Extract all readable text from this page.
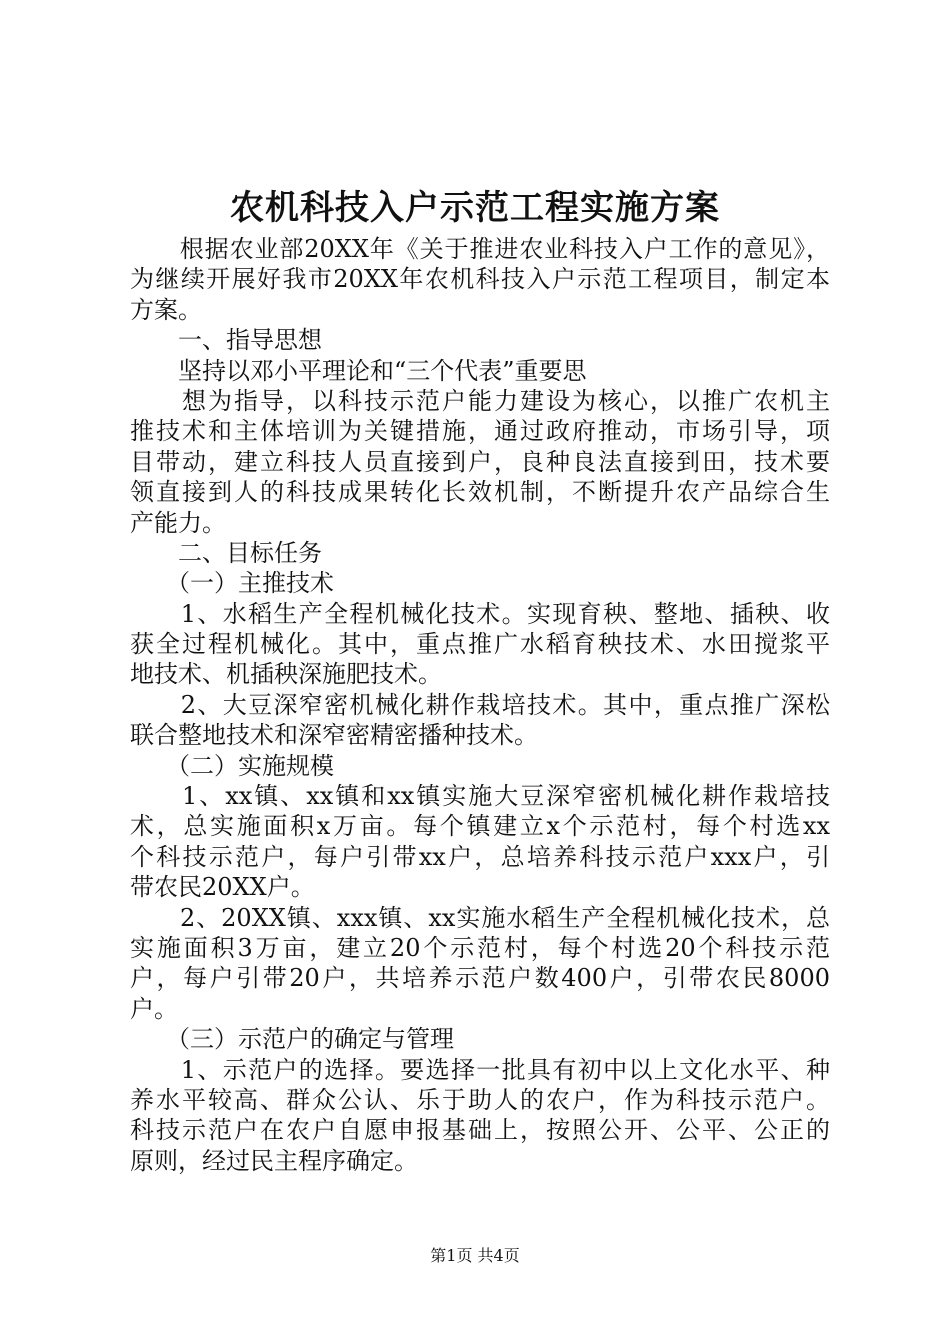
农机科技入户示范工程实施方案
　　根据农业部20XX年《关于推进农业科技入户工作的意见》，
为继续开展好我市20XX年农机科技入户示范工程项目，制定本
方案。
　　一、指导思想
　　坚持以邓小平理论和“三个代表”重要思
　　想为指导，以科技示范户能力建设为核心，以推广农机主
推技术和主体培训为关键措施，通过政府推动，市场引导，项
目带动，建立科技人员直接到户，良种良法直接到田，技术要
领直接到人的科技成果转化长效机制，不断提升农产品综合生
产能力。
　　二、目标任务
　　（一）主推技术
　　1、水稻生产全程机械化技术。实现育秧、整地、插秧、收
获全过程机械化。其中，重点推广水稻育秧技术、水田搅浆平
地技术、机插秧深施肥技术。
　　2、大豆深窄密机械化耕作栽培技术。其中，重点推广深松
联合整地技术和深窄密精密播种技术。
　　（二）实施规模
　　1、xx镇、xx镇和xx镇实施大豆深窄密机械化耕作栽培技
术，总实施面积x万亩。每个镇建立x个示范村，每个村选xx
个科技示范户，每户引带xx户，总培养科技示范户xxx户，引
带农民20XX户。
　　2、20XX镇、xxx镇、xx实施水稻生产全程机械化技术，总
实施面积3万亩，建立20个示范村，每个村选20个科技示范
户，每户引带20户，共培养示范户数400户，引带农民8000
户。
　　（三）示范户的确定与管理
　　1、示范户的选择。要选择一批具有初中以上文化水平、种
养水平较高、群众公认、乐于助人的农户，作为科技示范户。
科技示范户在农户自愿申报基础上，按照公开、公平、公正的
原则，经过民主程序确定。
第1页 共4页
